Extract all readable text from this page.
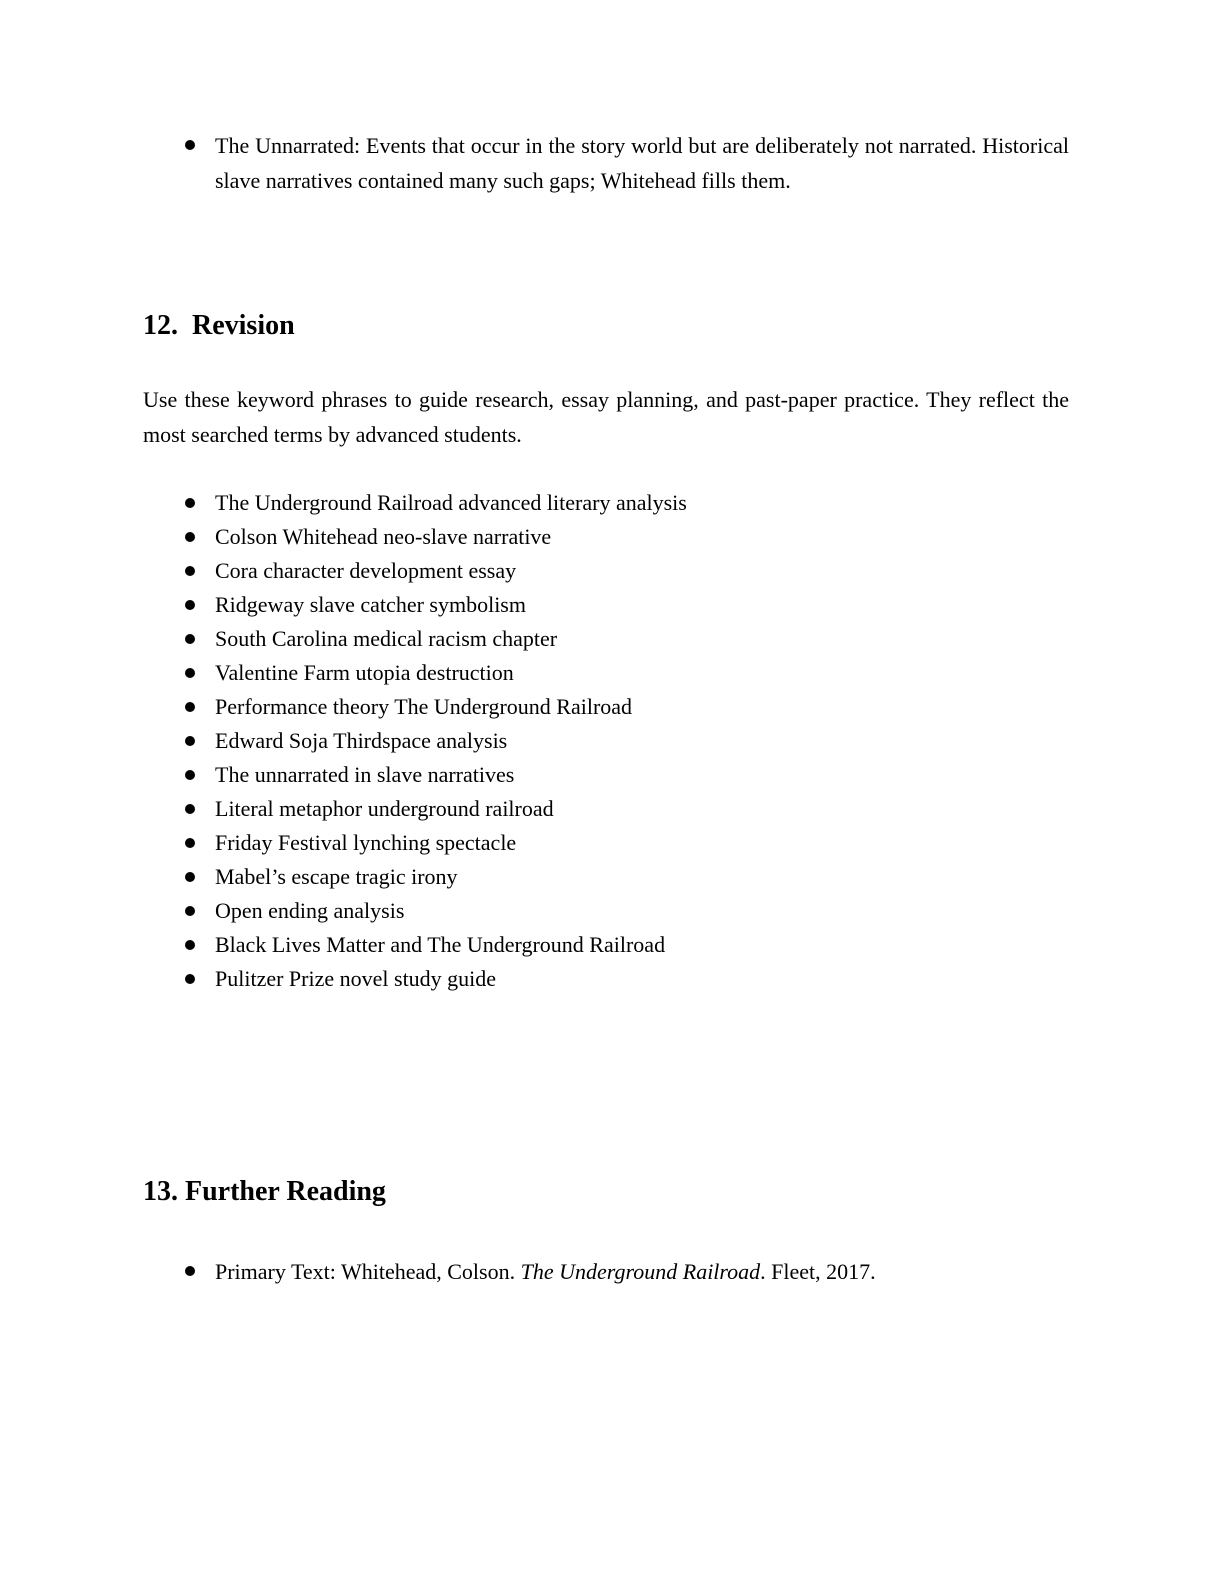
The Unnarrated: Events that occur in the story world but are deliberately not narrated. Historical slave narratives contained many such gaps; Whitehead fills them.
12.  Revision

Use these keyword phrases to guide research, essay planning, and past-paper practice. They reflect the most searched terms by advanced students.

The Underground Railroad advanced literary analysis
Colson Whitehead neo-slave narrative
Cora character development essay
Ridgeway slave catcher symbolism
South Carolina medical racism chapter
Valentine Farm utopia destruction
Performance theory The Underground Railroad
Edward Soja Thirdspace analysis
The unnarrated in slave narratives
Literal metaphor underground railroad
Friday Festival lynching spectacle
Mabel’s escape tragic irony
Open ending analysis
Black Lives Matter and The Underground Railroad
Pulitzer Prize novel study guide
13. Further Reading
Primary Text: Whitehead, Colson. The Underground Railroad. Fleet, 2017.
